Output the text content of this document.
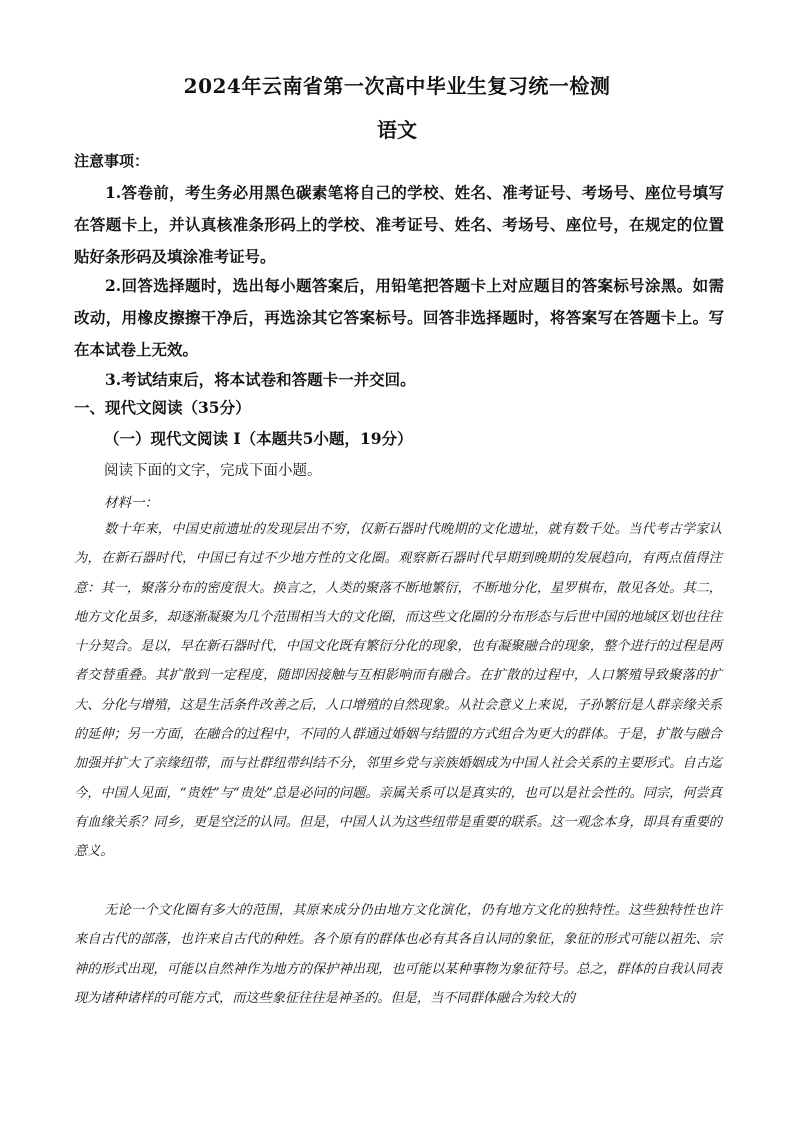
2024年云南省第一次高中毕业生复习统一检测
语文
注意事项：
1.答卷前，考生务必用黑色碳素笔将自己的学校、姓名、准考证号、考场号、座位号填写在答题卡上，并认真核准条形码上的学校、准考证号、姓名、考场号、座位号，在规定的位置贴好条形码及填涂准考证号。
2.回答选择题时，选出每小题答案后，用铅笔把答题卡上对应题目的答案标号涂黑。如需改动，用橡皮擦擦干净后，再选涂其它答案标号。回答非选择题时，将答案写在答题卡上。写在本试卷上无效。
3.考试结束后，将本试卷和答题卡一并交回。
一、现代文阅读（35分）
（一）现代文阅读 I（本题共5小题，19分）
阅读下面的文字，完成下面小题。
材料一：
数十年来，中国史前遗址的发现层出不穷，仅新石器时代晚期的文化遗址，就有数千处。当代考古学家认为，在新石器时代，中国已有过不少地方性的文化圈。观察新石器时代早期到晚期的发展趋向，有两点值得注意：其一，聚落分布的密度很大。换言之，人类的聚落不断地繁衍，不断地分化，星罗棋布，散见各处。其二，地方文化虽多，却逐渐凝聚为几个范围相当大的文化圈，而这些文化圈的分布形态与后世中国的地域区划也往往十分契合。是以，早在新石器时代，中国文化既有繁衍分化的现象，也有凝聚融合的现象，整个进行的过程是两者交替重叠。其扩散到一定程度，随即因接触与互相影响而有融合。在扩散的过程中，人口繁殖导致聚落的扩大、分化与增殖，这是生活条件改善之后，人口增殖的自然现象。从社会意义上来说，子孙繁衍是人群亲缘关系的延伸；另一方面，在融合的过程中，不同的人群通过婚姻与结盟的方式组合为更大的群体。于是，扩散与融合加强并扩大了亲缘纽带，而与社群纽带纠结不分，邻里乡党与亲族婚姻成为中国人社会关系的主要形式。自古迄今，中国人见面，“贵姓”与“贵处”总是必问的问题。亲属关系可以是真实的，也可以是社会性的。同宗，何尝真有血缘关系？同乡，更是空泛的认同。但是，中国人认为这些纽带是重要的联系。这一观念本身，即具有重要的意义。
无论一个文化圈有多大的范围，其原来成分仍由地方文化演化，仍有地方文化的独特性。这些独特性也许来自古代的部落，也许来自古代的种姓。各个原有的群体也必有其各自认同的象征，象征的形式可能以祖先、宗神的形式出现，可能以自然神作为地方的保护神出现，也可能以某种事物为象征符号。总之，群体的自我认同表现为诸种诸样的可能方式，而这些象征往往是神圣的。但是，当不同群体融合为较大的
